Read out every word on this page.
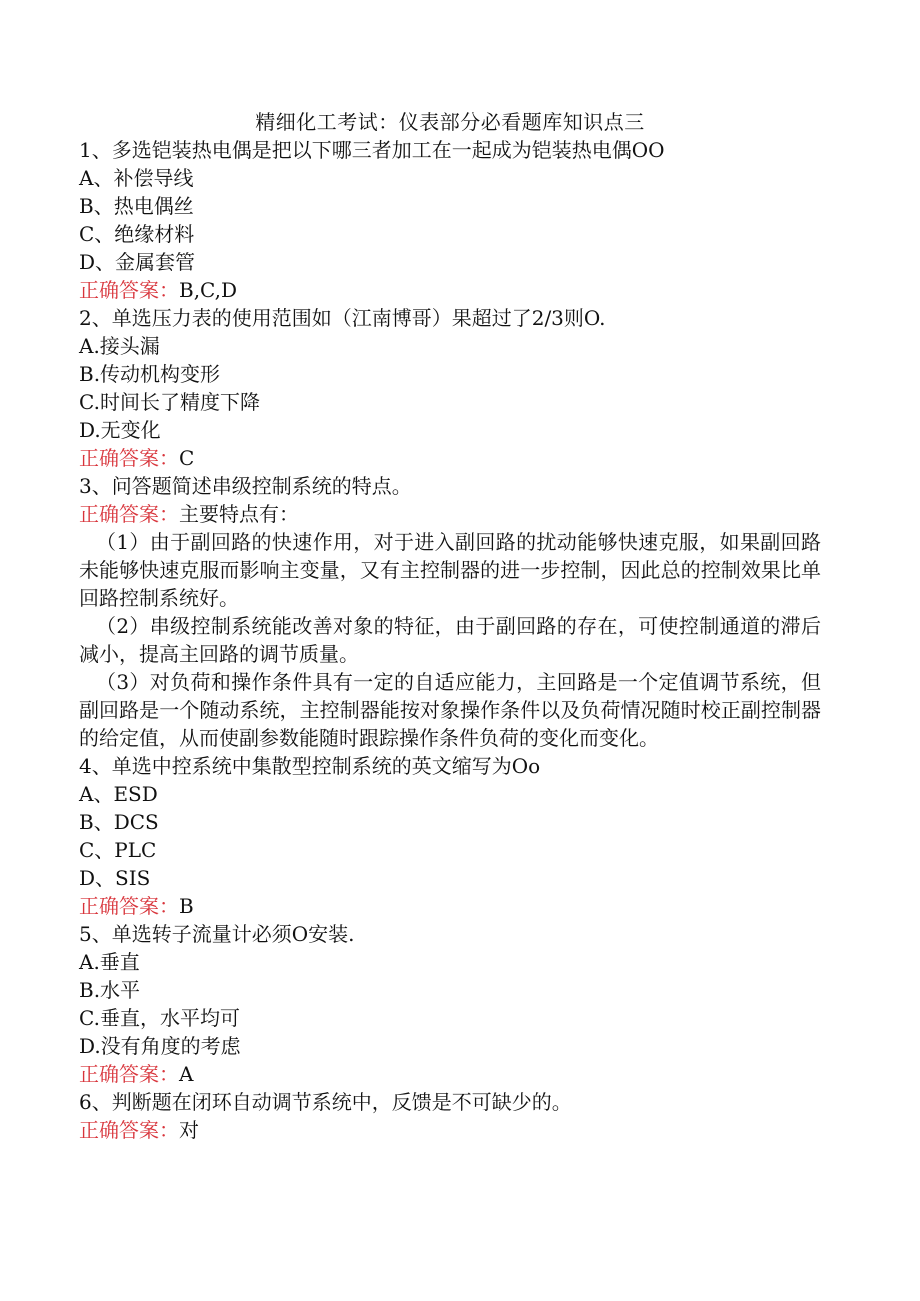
精细化工考试：仪表部分必看题库知识点三
1、多选铠装热电偶是把以下哪三者加工在一起成为铠装热电偶OO
A、补偿导线
B、热电偶丝
C、绝缘材料
D、金属套管
正确答案：B,C,D
2、单选压力表的使用范围如（江南博哥）果超过了2/3则O.
A.接头漏
B.传动机构变形
C.时间长了精度下降
D.无变化
正确答案：C
3、问答题简述串级控制系统的特点。
正确答案：主要特点有：

（1）由于副回路的快速作用，对于进入副回路的扰动能够快速克服，如果副回路未能够快速克服而影响主变量，又有主控制器的进一步控制，因此总的控制效果比单回路控制系统好。

（2）串级控制系统能改善对象的特征，由于副回路的存在，可使控制通道的滞后减小，提高主回路的调节质量。

（3）对负荷和操作条件具有一定的自适应能力，主回路是一个定值调节系统，但副回路是一个随动系统，主控制器能按对象操作条件以及负荷情况随时校正副控制器的给定值，从而使副参数能随时跟踪操作条件负荷的变化而变化。

4、单选中控系统中集散型控制系统的英文缩写为Oo
A、ESD
B、DCS
C、PLC
D、SIS
正确答案：B
5、单选转子流量计必须O安装.
A.垂直
B.水平
C.垂直，水平均可
D.没有角度的考虑
正确答案：A
6、判断题在闭环自动调节系统中，反馈是不可缺少的。
正确答案：对
